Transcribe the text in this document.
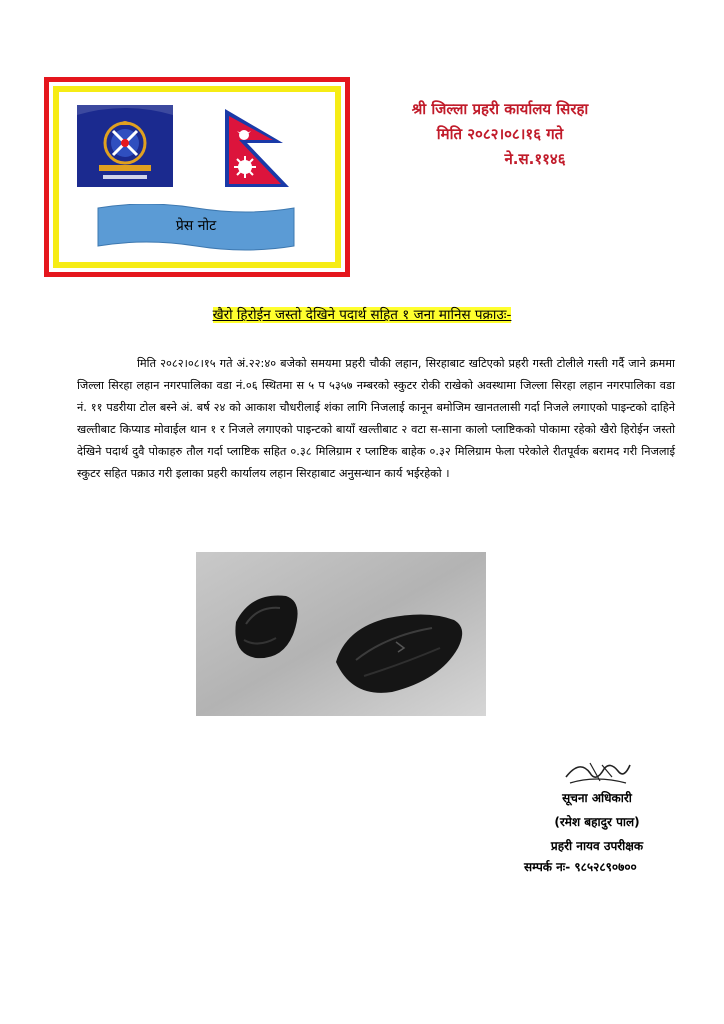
प्रेस नोट
श्री जिल्ला प्रहरी कार्यालय सिरहा
मिति २०८२।०८।१६ गते
ने.स.११४६
खैरो हिरोईन जस्तो देखिने पदार्थ सहित १ जना मानिस पक्राउः-
मिति २०८२।०८।१५ गते अं.२२:४० बजेको समयमा प्रहरी चौकी लहान, सिरहाबाट खटिएको प्रहरी गस्ती टोलीले गस्ती गर्दै जाने क्रममा जिल्ला सिरहा लहान नगरपालिका वडा नं.०६ स्थितमा स ५ प ५३५७ नम्बरको स्कुटर रोकी राखेको अवस्थामा जिल्ला सिरहा लहान नगरपालिका वडा नं. ११ पडरीया टोल बस्ने अं. बर्ष २४ को आकाश चौधरीलाई शंका लागि निजलाई कानून बमोजिम खानतलासी गर्दा निजले लगाएको पाइन्टको दाहिने खल्तीबाट किप्याड मोवाईल थान १ र निजले लगाएको पाइन्टको बायाँ खल्तीबाट २ वटा स-साना कालो प्लाष्टिकको पोकामा रहेको खैरो हिरोईन जस्तो देखिने पदार्थ दुवै पोकाहरु तौल गर्दा प्लाष्टिक सहित ०.३८ मिलिग्राम र प्लाष्टिक बाहेक ०.३२ मिलिग्राम फेला परेकोले रीतपूर्वक बरामद गरी निजलाई स्कुटर सहित पक्राउ गरी इलाका प्रहरी कार्यालय लहान सिरहाबाट अनुसन्धान कार्य भईरहेको ।
सूचना अधिकारी
(रमेश बहादुर पाल)
प्रहरी नायव उपरीक्षक
सम्पर्क नः- ९८५२८९०७००
